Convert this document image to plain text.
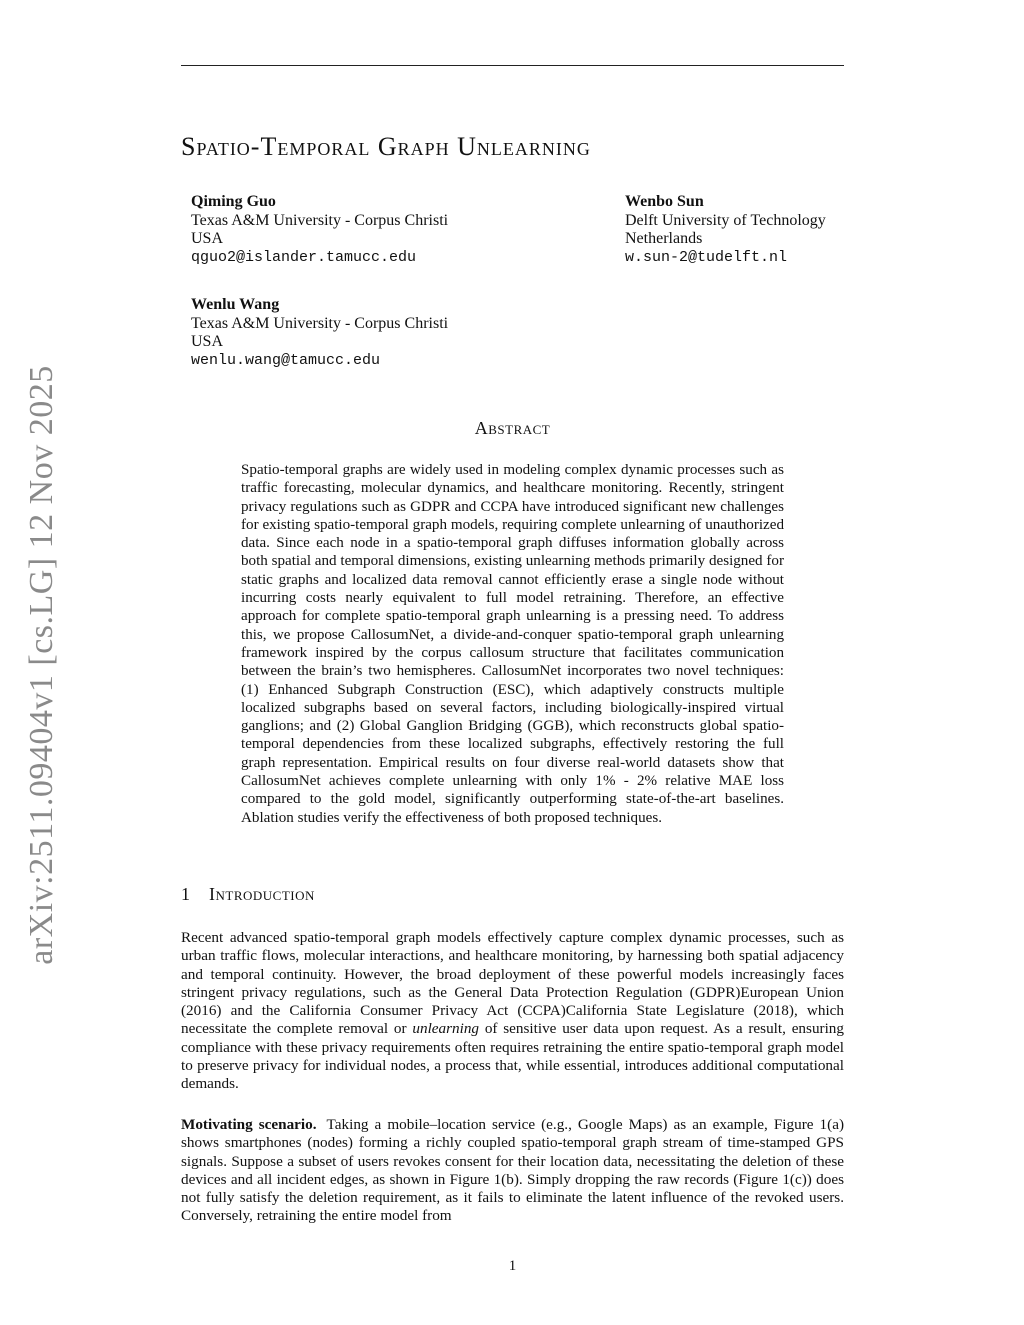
arXiv:2511.09404v1 [cs.LG] 12 Nov 2025
Spatio-Temporal Graph Unlearning
Qiming Guo
Texas A&M University - Corpus Christi
USA
qguo2@islander.tamucc.edu
Wenbo Sun
Delft University of Technology
Netherlands
w.sun-2@tudelft.nl
Wenlu Wang
Texas A&M University - Corpus Christi
USA
wenlu.wang@tamucc.edu
Abstract
Spatio-temporal graphs are widely used in modeling complex dynamic processes such as traffic forecasting, molecular dynamics, and healthcare monitoring. Recently, stringent privacy regulations such as GDPR and CCPA have introduced significant new challenges for existing spatio-temporal graph models, requiring complete unlearning of unauthorized data. Since each node in a spatio-temporal graph diffuses information globally across both spatial and temporal dimensions, existing unlearning methods primarily designed for static graphs and localized data removal cannot efficiently erase a single node without incurring costs nearly equivalent to full model retraining. Therefore, an effective approach for complete spatio-temporal graph unlearning is a pressing need. To address this, we propose CallosumNet, a divide-and-conquer spatio-temporal graph unlearning framework inspired by the corpus callosum structure that facilitates communication between the brain’s two hemispheres. CallosumNet incorporates two novel techniques: (1) Enhanced Subgraph Construction (ESC), which adaptively constructs multiple localized subgraphs based on several factors, including biologically-inspired virtual ganglions; and (2) Global Ganglion Bridging (GGB), which reconstructs global spatio-temporal dependencies from these localized subgraphs, effectively restoring the full graph representation. Empirical results on four diverse real-world datasets show that CallosumNet achieves complete unlearning with only 1% - 2% relative MAE loss compared to the gold model, significantly outperforming state-of-the-art baselines. Ablation studies verify the effectiveness of both proposed techniques.
1 Introduction
Recent advanced spatio-temporal graph models effectively capture complex dynamic processes, such as urban traffic flows, molecular interactions, and healthcare monitoring, by harnessing both spatial adjacency and temporal continuity. However, the broad deployment of these powerful models increasingly faces stringent privacy regulations, such as the General Data Protection Regulation (GDPR)European Union (2016) and the California Consumer Privacy Act (CCPA)California State Legislature (2018), which necessitate the complete removal or unlearning of sensitive user data upon request. As a result, ensuring compliance with these privacy requirements often requires retraining the entire spatio-temporal graph model to preserve privacy for individual nodes, a process that, while essential, introduces additional computational demands.
Motivating scenario. Taking a mobile–location service (e.g., Google Maps) as an example, Figure 1(a) shows smartphones (nodes) forming a richly coupled spatio-temporal graph stream of time-stamped GPS signals. Suppose a subset of users revokes consent for their location data, necessitating the deletion of these devices and all incident edges, as shown in Figure 1(b). Simply dropping the raw records (Figure 1(c)) does not fully satisfy the deletion requirement, as it fails to eliminate the latent influence of the revoked users. Conversely, retraining the entire model from
1
